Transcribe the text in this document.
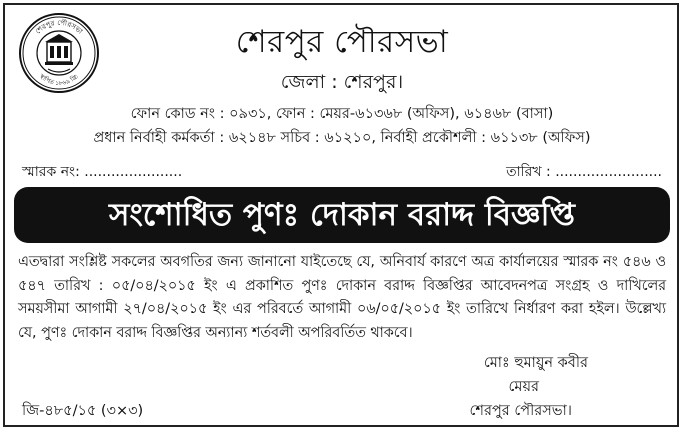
শেরপুর পৌরসভা
স্থাপিত ১৮৬৯ খ্রি:
শেরপুর পৌরসভা
জেলা : শেরপুর।
ফোন কোড নং : ০৯৩১, ফোন : মেয়র-৬১৩৬৮ (অফিস), ৬১৪৬৮ (বাসা)
প্রধান নির্বাহী কর্মকর্তা : ৬২১৪৮ সচিব : ৬১২১০, নির্বাহী প্রকৌশলী : ৬১১৩৮ (অফিস)
স্মারক নং: ......................	তারিখ : ........................
সংশোধিত পুণঃ দোকান বরাদ্দ বিজ্ঞপ্তি
এতদ্বারা সংশ্লিষ্ট সকলের অবগতির জন্য জানানো যাইতেছে যে, অনিবার্য কারণে অত্র কার্যালয়ের স্মারক নং ৫৪৬ ও ৫৪৭ তারিখ : ০৫/০৪/২০১৫ ইং এ প্রকাশিত পুণঃ দোকান বরাদ্দ বিজ্ঞপ্তির আবেদনপত্র সংগ্রহ ও দাখিলের সময়সীমা আগামী ২৭/০৪/২০১৫ ইং এর পরিবর্তে আগামী ০৬/০৫/২০১৫ ইং তারিখে নির্ধারণ করা হইল। উল্লেখ্য যে, পুণঃ দোকান বরাদ্দ বিজ্ঞপ্তির অন্যান্য শর্তবলী অপরিবর্তিত থাকবে।
মোঃ হুমায়ুন কবীর
মেয়র
শেরপুর পৌরসভা।
জি-৪৮৫/১৫ (৩×৩)
